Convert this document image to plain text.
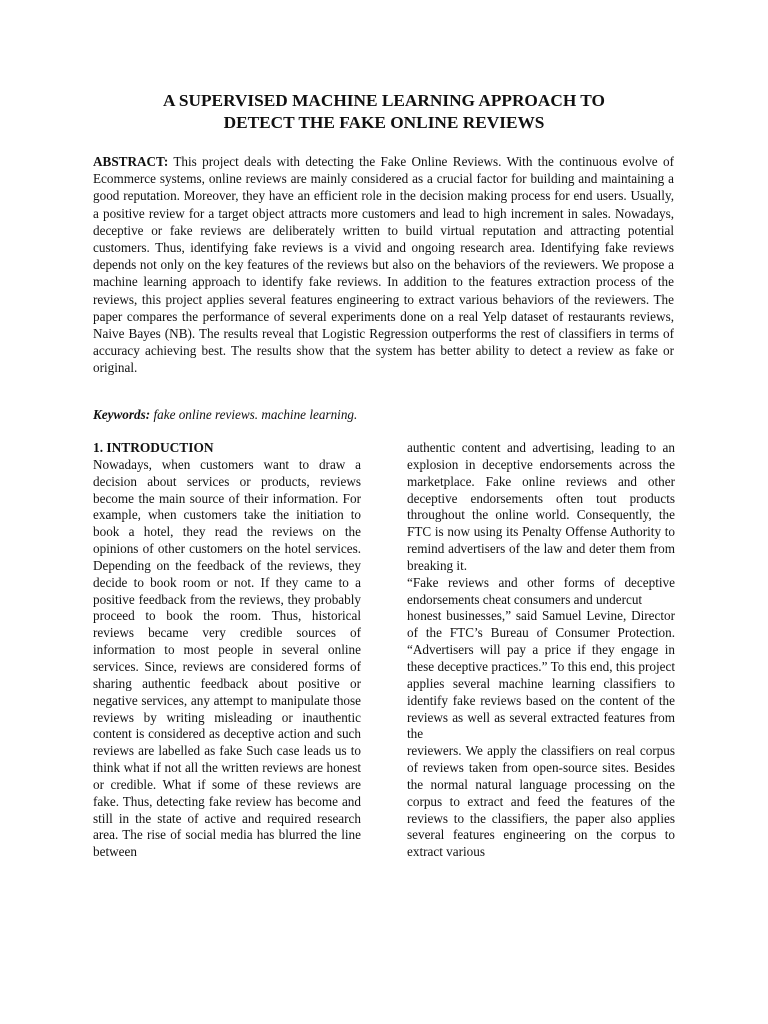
A SUPERVISED MACHINE LEARNING APPROACH TO
DETECT THE FAKE ONLINE REVIEWS

ABSTRACT: This project deals with detecting the Fake Online Reviews. With the continuous evolve of Ecommerce systems, online reviews are mainly considered as a crucial factor for building and maintaining a good reputation. Moreover, they have an efficient role in the decision making process for end users. Usually, a positive review for a target object attracts more customers and lead to high increment in sales. Nowadays, deceptive or fake reviews are deliberately written to build virtual reputation and attracting potential customers. Thus, identifying fake reviews is a vivid and ongoing research area. Identifying fake reviews depends not only on the key features of the reviews but also on the behaviors of the reviewers. We propose a machine learning approach to identify fake reviews. In addition to the features extraction process of the reviews, this project applies several features engineering to extract various behaviors of the reviewers. The paper compares the performance of several experiments done on a real Yelp dataset of restaurants reviews, Naive Bayes (NB). The results reveal that Logistic Regression outperforms the rest of classifiers in terms of accuracy achieving best. The results show that the system has better ability to detect a review as fake or original.

Keywords: fake online reviews. machine learning.

1. INTRODUCTION

Nowadays, when customers want to draw a decision about services or products, reviews become the main source of their information. For example, when customers take the initiation to book a hotel, they read the reviews on the opinions of other customers on the hotel services. Depending on the feedback of the reviews, they decide to book room or not. If they came to a positive feedback from the reviews, they probably proceed to book the room. Thus, historical reviews became very credible sources of information to most people in several online services. Since, reviews are considered forms of sharing authentic feedback about positive or negative services, any attempt to manipulate those reviews by writing misleading or inauthentic content is considered as deceptive action and such reviews are labelled as fake Such case leads us to think what if not all the written reviews are honest or credible. What if some of these reviews are fake. Thus, detecting fake review has become and still in the state of active and required research area. The rise of social media has blurred the line between

authentic content and advertising, leading to an explosion in deceptive endorsements across the marketplace. Fake online reviews and other deceptive endorsements often tout products throughout the online world. Consequently, the FTC is now using its Penalty Offense Authority to remind advertisers of the law and deter them from breaking it.

“Fake reviews and other forms of deceptive endorsements cheat consumers and undercut

honest businesses,” said Samuel Levine, Director of the FTC’s Bureau of Consumer Protection. “Advertisers will pay a price if they engage in these deceptive practices.” To this end, this project applies several machine learning classifiers to identify fake reviews based on the content of the reviews as well as several extracted features from the

reviewers. We apply the classifiers on real corpus of reviews taken from open-source sites. Besides the normal natural language processing on the corpus to extract and feed the features of the reviews to the classifiers, the paper also applies several features engineering on the corpus to extract various
